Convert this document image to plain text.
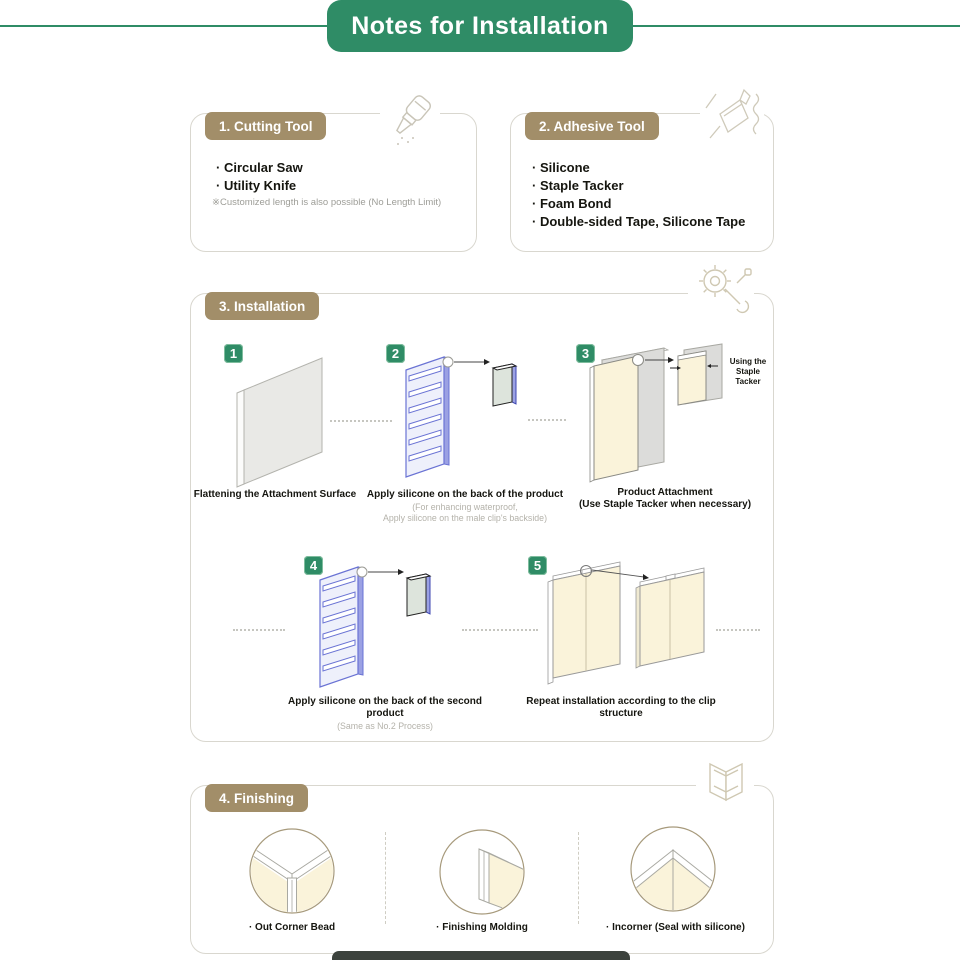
Notes for Installation
1. Cutting Tool
· Circular Saw
· Utility Knife
※Customized length is also possible (No Length Limit)
2. Adhesive Tool
· Silicone
· Staple Tacker
· Foam Bond
· Double-sided Tape, Silicone Tape
3. Installation
1
Flattening the Attachment Surface
2
Apply silicone on the back of the product
(For enhancing waterproof,
Apply silicone on the male clip's backside)
3
Using the Staple Tacker
Product Attachment
(Use Staple Tacker when necessary)
4
Apply silicone on the back of the second product
(Same as No.2 Process)
5
Repeat installation according to the clip structure
4. Finishing
· Out Corner Bead	· Finishing Molding	· Incorner (Seal with silicone)
